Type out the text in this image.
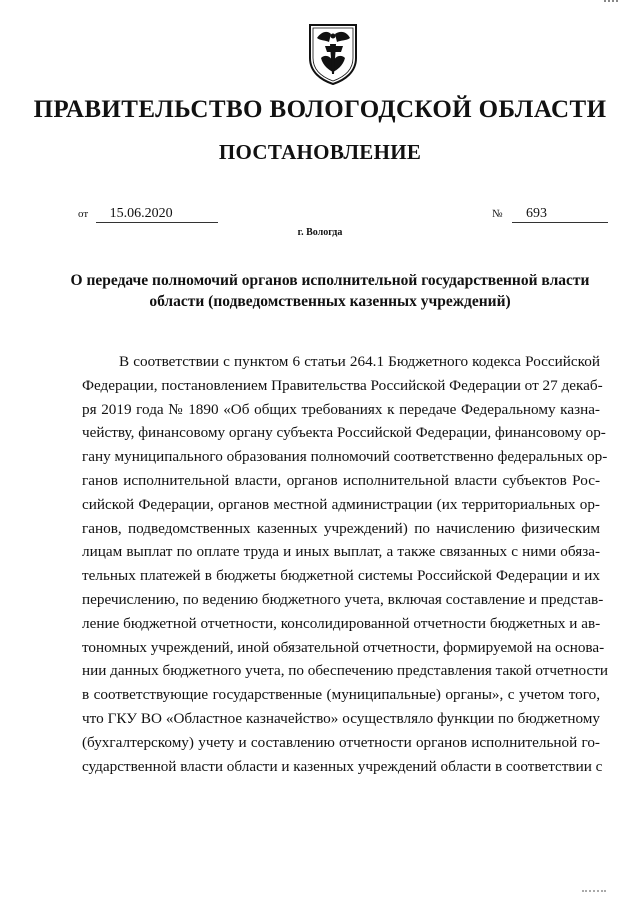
ПРАВИТЕЛЬСТВО ВОЛОГОДСКОЙ ОБЛАСТИ
ПОСТАНОВЛЕНИЕ
от 15.06.2020	№ 693
г. Вологда
О передаче полномочий органов исполнительной государственной власти
области (подведомственных казенных учреждений)
В соответствии с пунктом 6 статьи 264.1 Бюджетного кодекса Российской
Федерации, постановлением Правительства Российской Федерации от 27 декаб-
ря 2019 года № 1890 «Об общих требованиях к передаче Федеральному казна-
чейству, финансовому органу субъекта Российской Федерации, финансовому ор-
гану муниципального образования полномочий соответственно федеральных ор-
ганов исполнительной власти, органов исполнительной власти субъектов Рос-
сийской Федерации, органов местной администрации (их территориальных ор-
ганов, подведомственных казенных учреждений) по начислению физическим
лицам выплат по оплате труда и иных выплат, а также связанных с ними обяза-
тельных платежей в бюджеты бюджетной системы Российской Федерации и их
перечислению, по ведению бюджетного учета, включая составление и представ-
ление бюджетной отчетности, консолидированной отчетности бюджетных и ав-
тономных учреждений, иной обязательной отчетности, формируемой на основа-
нии данных бюджетного учета, по обеспечению представления такой отчетности
в соответствующие государственные (муниципальные) органы», с учетом того,
что ГКУ ВО «Областное казначейство» осуществляло функции по бюджетному
(бухгалтерскому) учету и составлению отчетности органов исполнительной го-
сударственной власти области и казенных учреждений области в соответствии с
